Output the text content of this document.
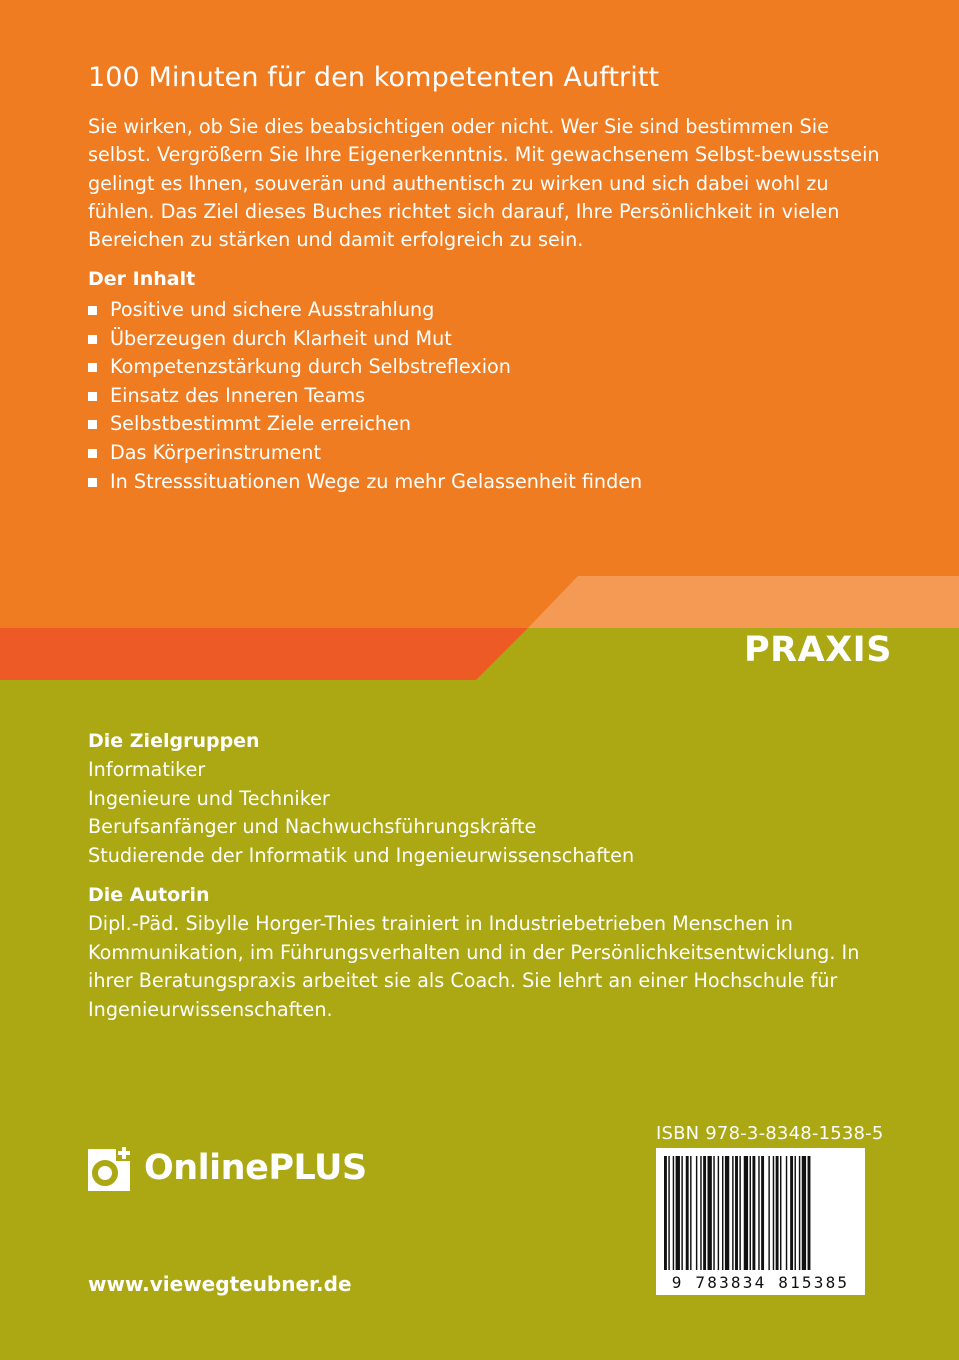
100 Minuten für den kompetenten Auftritt

Sie wirken, ob Sie dies beabsichtigen oder nicht. Wer Sie sind bestimmen Sie selbst. Vergrößern Sie Ihre Eigenerkenntnis. Mit gewachsenem Selbst-bewusstsein gelingt es Ihnen, souverän und authentisch zu wirken und sich dabei wohl zu fühlen. Das Ziel dieses Buches richtet sich darauf, Ihre Persönlichkeit in vielen Bereichen zu stärken und damit erfolgreich zu sein.

Der Inhalt
Positive und sichere Ausstrahlung
Überzeugen durch Klarheit und Mut
Kompetenzstärkung durch Selbstreflexion
Einsatz des Inneren Teams
Selbstbestimmt Ziele erreichen
Das Körperinstrument
In Stresssituationen Wege zu mehr Gelassenheit finden
PRAXIS
Die Zielgruppen
Informatiker
Ingenieure und Techniker
Berufsanfänger und Nachwuchsführungskräfte
Studierende der Informatik und Ingenieurwissenschaften
Die Autorin

Dipl.-Päd. Sibylle Horger-Thies trainiert in Industriebetrieben Menschen in Kommunikation, im Führungsverhalten und in der Persönlichkeitsentwicklung. In ihrer Beratungspraxis arbeitet sie als Coach. Sie lehrt an einer Hochschule für Ingenieurwissenschaften.

OnlinePLUS

www.viewegteubner.de

ISBN 978-3-8348-1538-5

9 783834 815385
